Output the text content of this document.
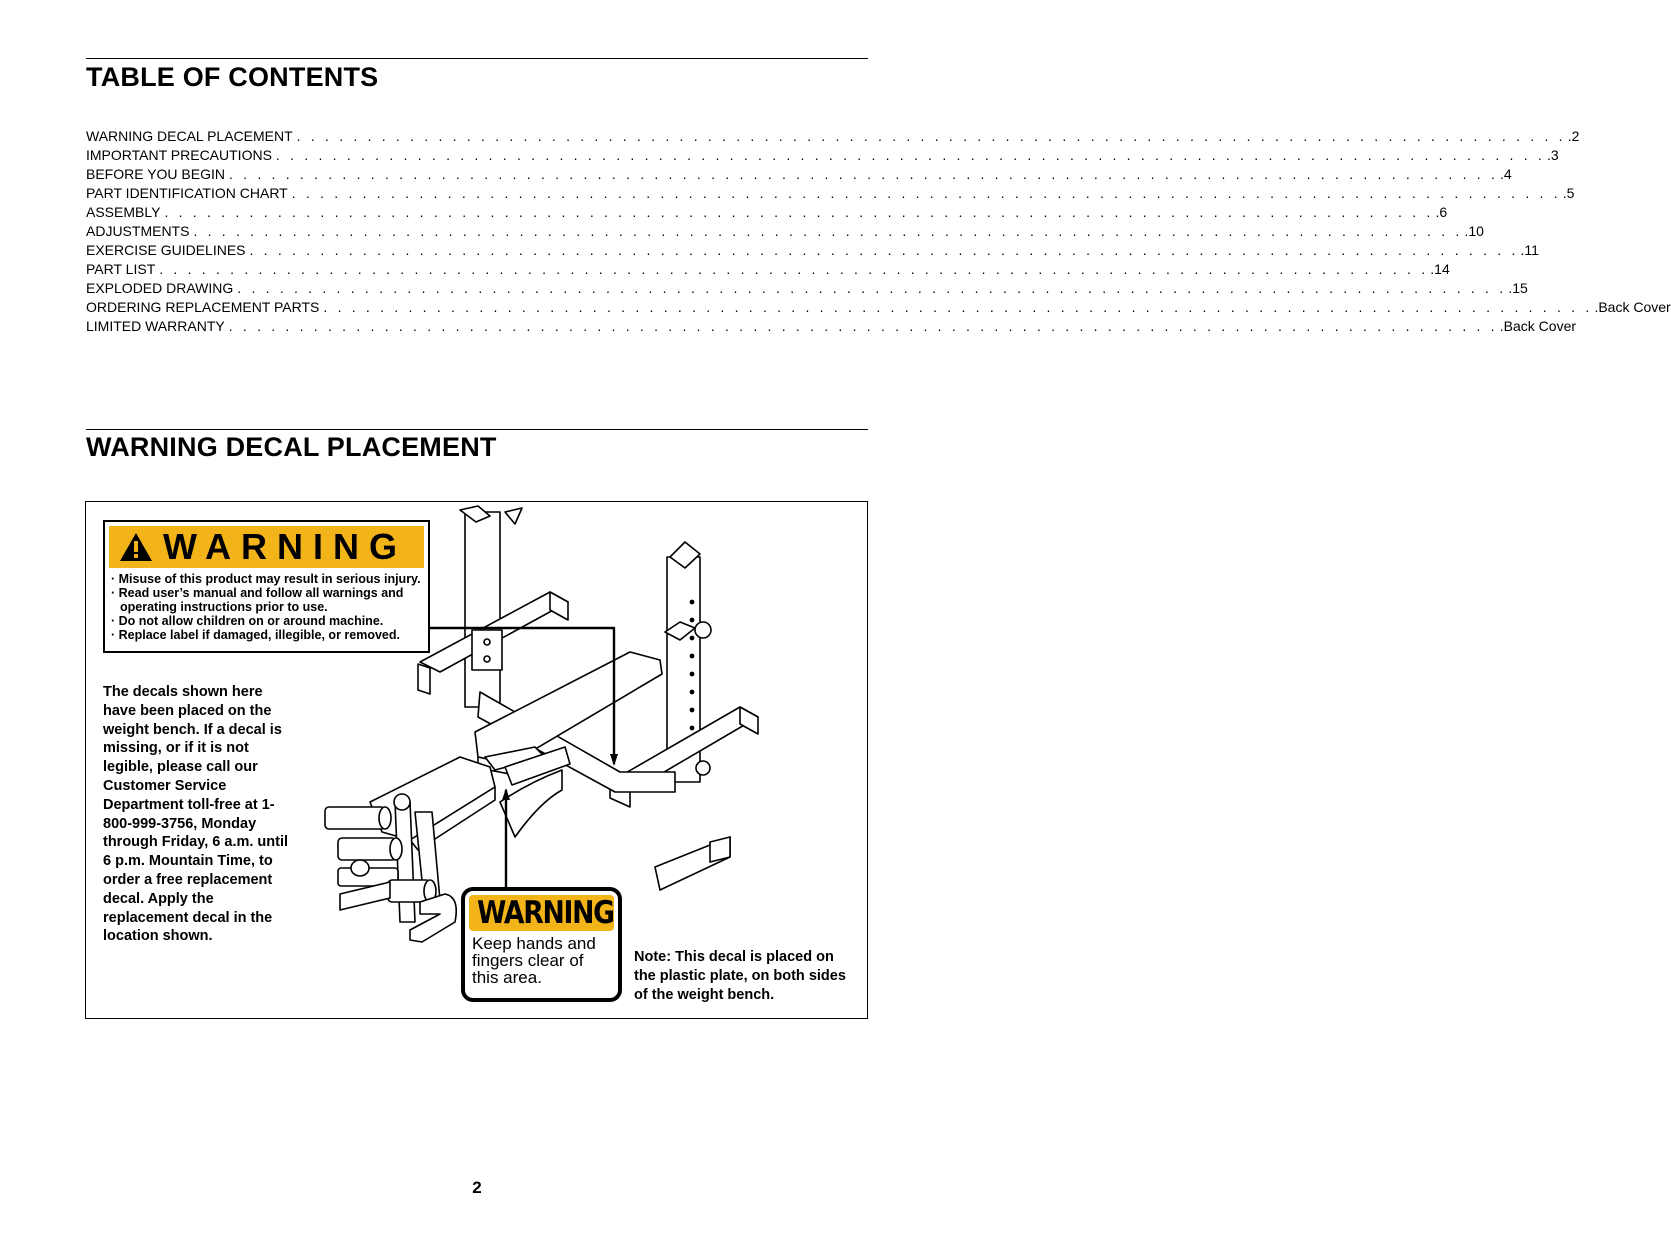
TABLE OF CONTENTS
WARNING DECAL PLACEMENT . . . . . . . . . . . . . . . . . . . . . . . . . . . . . . . . . . . . . . . . . . . . . . . . . . . . . . . . . . . . . . . . . . . . . . . . . . . . . . . . . . . . . . . . . . .2
IMPORTANT PRECAUTIONS . . . . . . . . . . . . . . . . . . . . . . . . . . . . . . . . . . . . . . . . . . . . . . . . . . . . . . . . . . . . . . . . . . . . . . . . . . . . . . . . . . . . . . . . . . .3
BEFORE YOU BEGIN . . . . . . . . . . . . . . . . . . . . . . . . . . . . . . . . . . . . . . . . . . . . . . . . . . . . . . . . . . . . . . . . . . . . . . . . . . . . . . . . . . . . . . . . . . .4
PART IDENTIFICATION CHART . . . . . . . . . . . . . . . . . . . . . . . . . . . . . . . . . . . . . . . . . . . . . . . . . . . . . . . . . . . . . . . . . . . . . . . . . . . . . . . . . . . . . . . . . . .5
ASSEMBLY . . . . . . . . . . . . . . . . . . . . . . . . . . . . . . . . . . . . . . . . . . . . . . . . . . . . . . . . . . . . . . . . . . . . . . . . . . . . . . . . . . . . . . . . . . .6
ADJUSTMENTS . . . . . . . . . . . . . . . . . . . . . . . . . . . . . . . . . . . . . . . . . . . . . . . . . . . . . . . . . . . . . . . . . . . . . . . . . . . . . . . . . . . . . . . . . . .10
EXERCISE GUIDELINES . . . . . . . . . . . . . . . . . . . . . . . . . . . . . . . . . . . . . . . . . . . . . . . . . . . . . . . . . . . . . . . . . . . . . . . . . . . . . . . . . . . . . . . . . . .11
PART LIST . . . . . . . . . . . . . . . . . . . . . . . . . . . . . . . . . . . . . . . . . . . . . . . . . . . . . . . . . . . . . . . . . . . . . . . . . . . . . . . . . . . . . . . . . . .14
EXPLODED DRAWING . . . . . . . . . . . . . . . . . . . . . . . . . . . . . . . . . . . . . . . . . . . . . . . . . . . . . . . . . . . . . . . . . . . . . . . . . . . . . . . . . . . . . . . . . . .15
ORDERING REPLACEMENT PARTS . . . . . . . . . . . . . . . . . . . . . . . . . . . . . . . . . . . . . . . . . . . . . . . . . . . . . . . . . . . . . . . . . . . . . . . . . . . . . . . . . . . . . . . . . . .Back Cover
LIMITED WARRANTY . . . . . . . . . . . . . . . . . . . . . . . . . . . . . . . . . . . . . . . . . . . . . . . . . . . . . . . . . . . . . . . . . . . . . . . . . . . . . . . . . . . . . . . . . . .Back Cover
WARNING DECAL PLACEMENT
WARNING
· Misuse of this product may result in serious injury.
· Read user’s manual and follow all warnings and operating instructions prior to use.
· Do not allow children on or around machine.
· Replace label if damaged, illegible, or removed.
The decals shown here have been placed on the weight bench. If a decal is missing, or if it is not legible, please call our Customer Service Department toll-free at 1-800-999-3756, Monday through Friday, 6 a.m. until 6 p.m. Mountain Time, to order a free replacement decal. Apply the replacement decal in the location shown.
WARNING
Keep hands and fingers clear of this area.
Note: This decal is placed on the plastic plate, on both sides of the weight bench.
2
